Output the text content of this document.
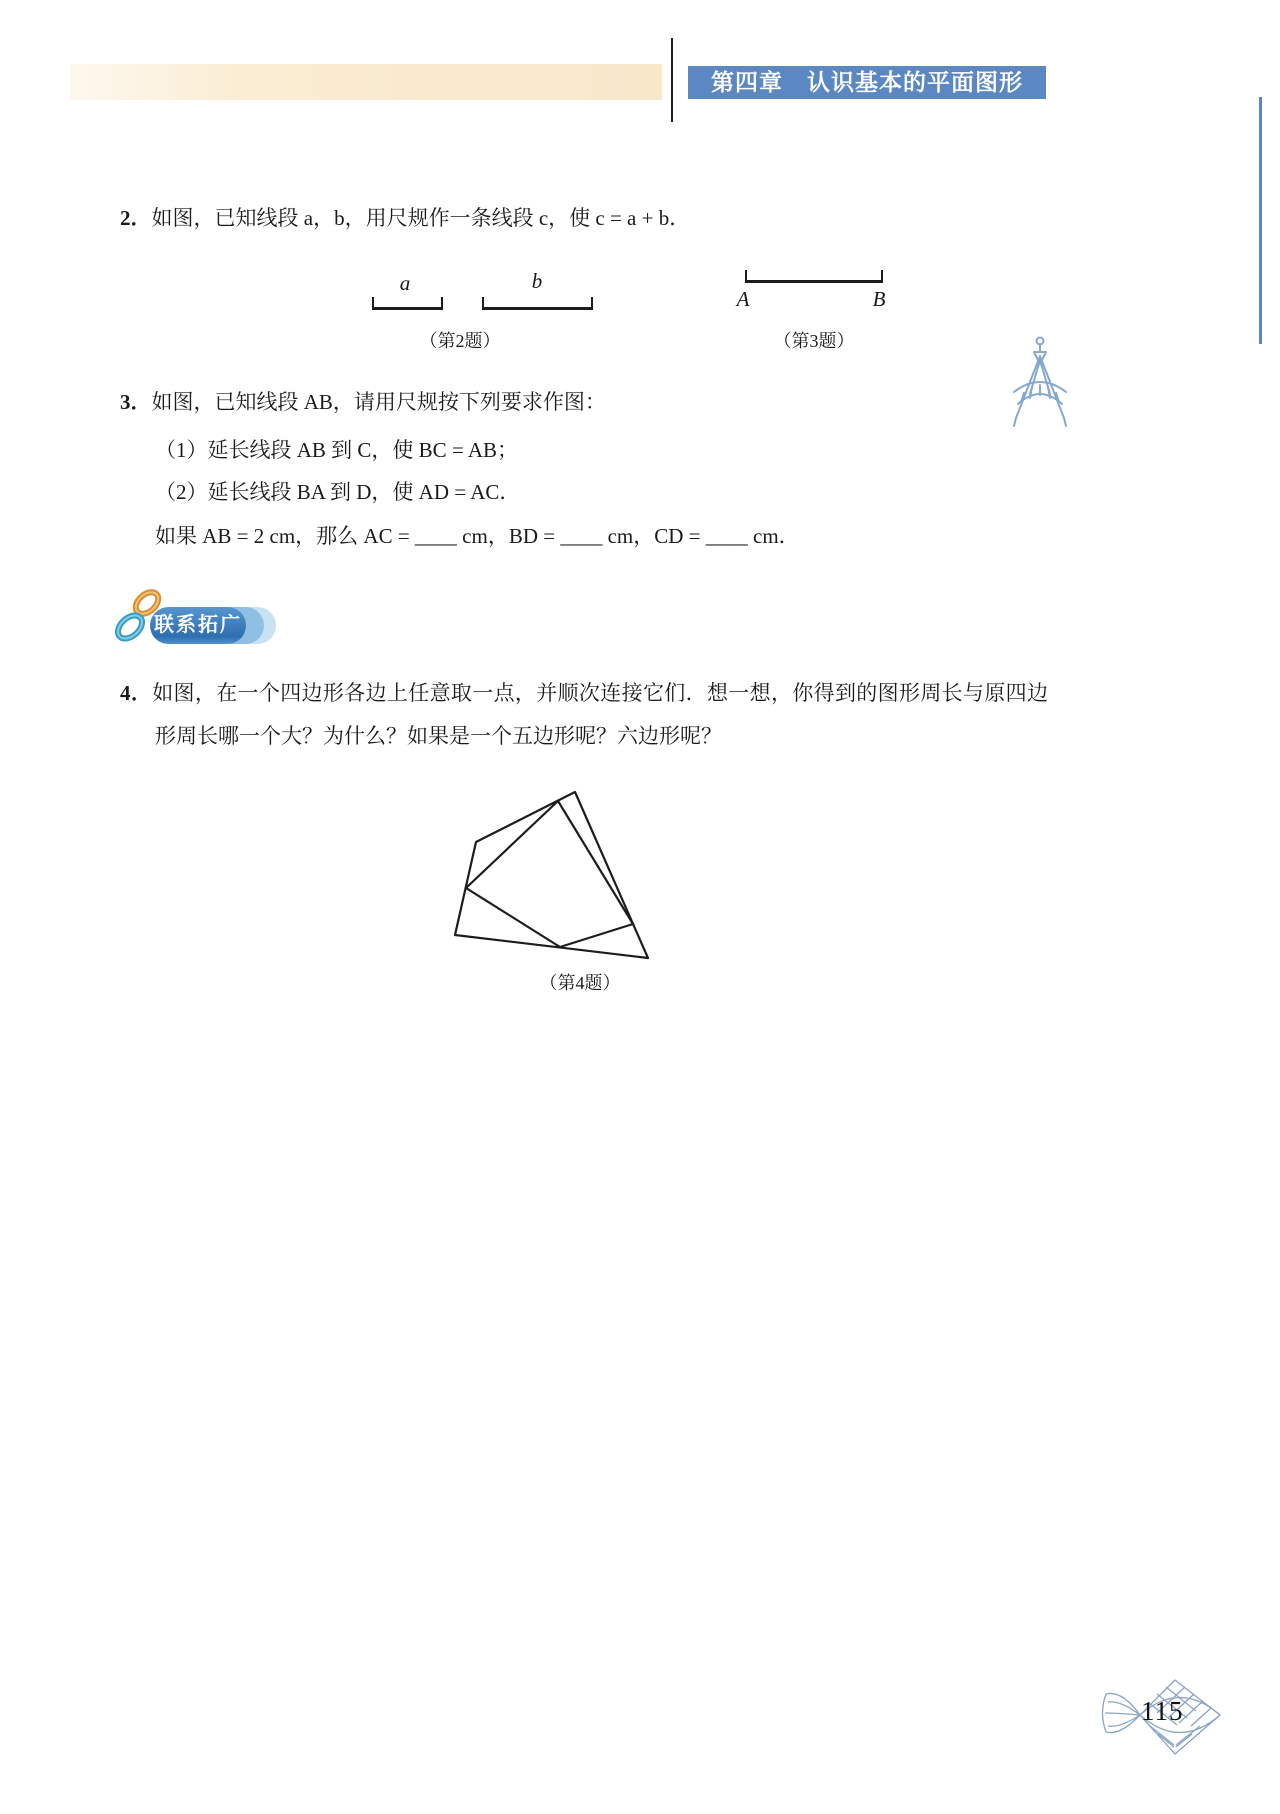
第四章　认识基本的平面图形
2．如图，已知线段 a，b，用尺规作一条线段 c，使 c = a + b．
a	b
（第2题）
A	B
（第3题）
3．如图，已知线段 AB，请用尺规按下列要求作图：
（1）延长线段 AB 到 C，使 BC = AB；
（2）延长线段 BA 到 D，使 AD = AC．
如果 AB = 2 cm，那么 AC = ____ cm，BD = ____ cm，CD = ____ cm．
联系拓广
4．如图，在一个四边形各边上任意取一点，并顺次连接它们．想一想，你得到的图形周长与原四边形周长哪一个大？为什么？如果是一个五边形呢？六边形呢？
（第4题）
115
